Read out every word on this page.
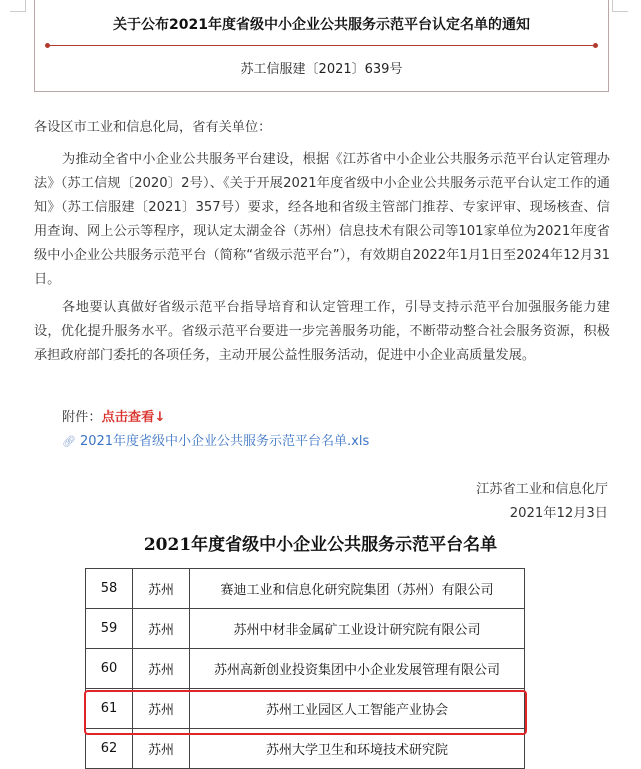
关于公布2021年度省级中小企业公共服务示范平台认定名单的通知
苏工信服建〔2021〕639号

各设区市工业和信息化局，省有关单位：

为推动全省中小企业公共服务平台建设，根据《江苏省中小企业公共服务示范平台认定管理办法》（苏工信规〔2020〕2号）、《关于开展2021年度省级中小企业公共服务示范平台认定工作的通知》（苏工信服建〔2021〕357号）要求，经各地和省级主管部门推荐、专家评审、现场核查、信用查询、网上公示等程序，现认定太湖金谷（苏州）信息技术有限公司等101家单位为2021年度省级中小企业公共服务示范平台（简称“省级示范平台”），有效期自2022年1月1日至2024年12月31日。

各地要认真做好省级示范平台指导培育和认定管理工作，引导支持示范平台加强服务能力建设，优化提升服务水平。省级示范平台要进一步完善服务功能，不断带动整合社会服务资源，积极承担政府部门委托的各项任务，主动开展公益性服务活动，促进中小企业高质量发展。

附件：点击查看↓
🔗︎ 2021年度省级中小企业公共服务示范平台名单.xls
江苏省工业和信息化厅
2021年12月3日
2021年度省级中小企业公共服务示范平台名单
58	苏州	赛迪工业和信息化研究院集团（苏州）有限公司
59	苏州	苏州中材非金属矿工业设计研究院有限公司
60	苏州	苏州高新创业投资集团中小企业发展管理有限公司
61	苏州	苏州工业园区人工智能产业协会
62	苏州	苏州大学卫生和环境技术研究院
